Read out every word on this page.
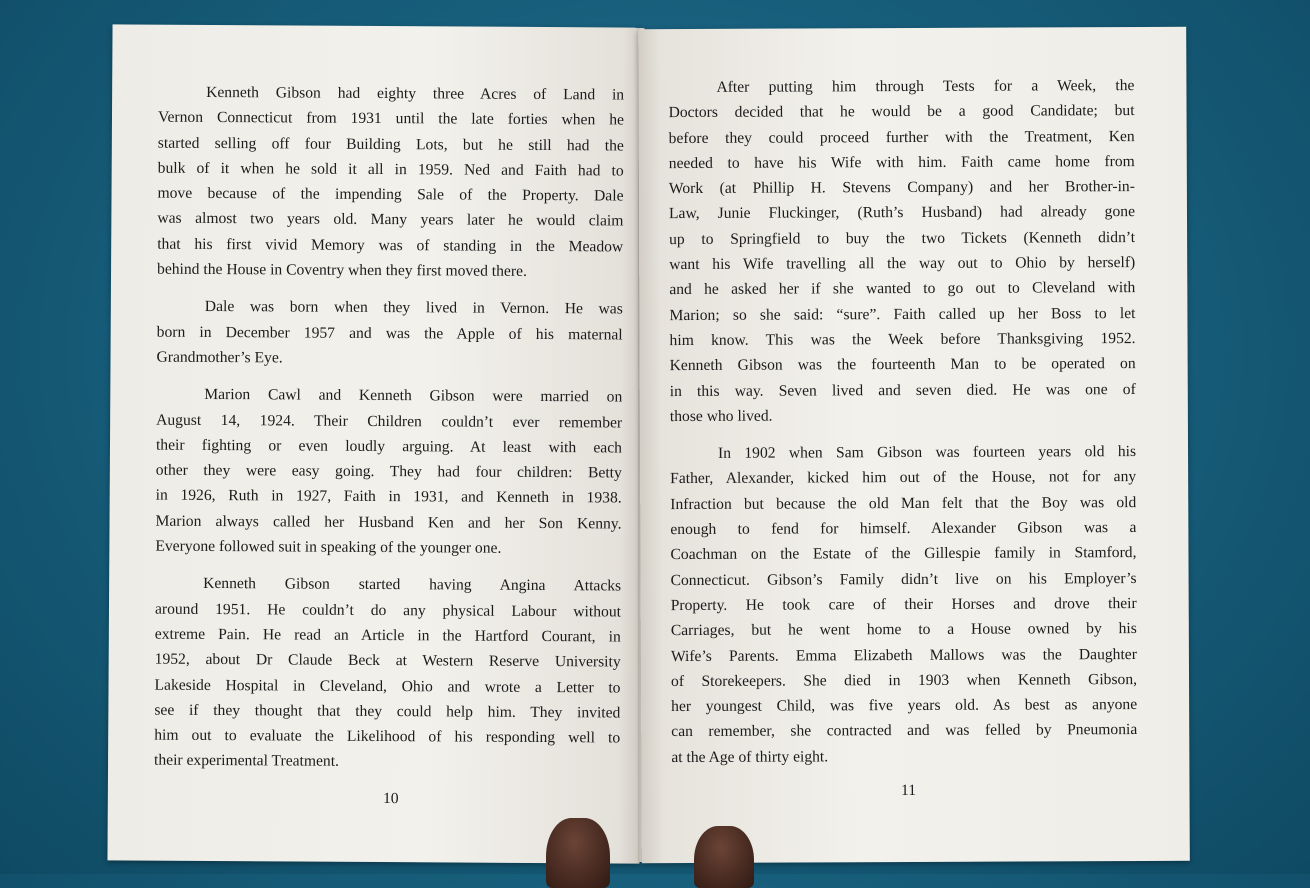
Kenneth Gibson had eighty three Acres of Land in
Vernon Connecticut from 1931 until the late forties when he
started selling off four Building Lots, but he still had the
bulk of it when he sold it all in 1959. Ned and Faith had to
move because of the impending Sale of the Property. Dale
was almost two years old. Many years later he would claim
that his first vivid Memory was of standing in the Meadow
behind the House in Coventry when they first moved there.
Dale was born when they lived in Vernon. He was
born in December 1957 and was the Apple of his maternal
Grandmother’s Eye.
Marion Cawl and Kenneth Gibson were married on
August 14, 1924. Their Children couldn’t ever remember
their fighting or even loudly arguing. At least with each
other they were easy going. They had four children: Betty
in 1926, Ruth in 1927, Faith in 1931, and Kenneth in 1938.
Marion always called her Husband Ken and her Son Kenny.
Everyone followed suit in speaking of the younger one.
Kenneth Gibson started having Angina Attacks
around 1951. He couldn’t do any physical Labour without
extreme Pain. He read an Article in the Hartford Courant, in
1952, about Dr Claude Beck at Western Reserve University
Lakeside Hospital in Cleveland, Ohio and wrote a Letter to
see if they thought that they could help him. They invited
him out to evaluate the Likelihood of his responding well to
their experimental Treatment.
10
After putting him through Tests for a Week, the
Doctors decided that he would be a good Candidate; but
before they could proceed further with the Treatment, Ken
needed to have his Wife with him. Faith came home from
Work (at Phillip H. Stevens Company) and her Brother-in-
Law, Junie Fluckinger, (Ruth’s Husband) had already gone
up to Springfield to buy the two Tickets (Kenneth didn’t
want his Wife travelling all the way out to Ohio by herself)
and he asked her if she wanted to go out to Cleveland with
Marion; so she said: “sure”. Faith called up her Boss to let
him know. This was the Week before Thanksgiving 1952.
Kenneth Gibson was the fourteenth Man to be operated on
in this way. Seven lived and seven died. He was one of
those who lived.
In 1902 when Sam Gibson was fourteen years old his
Father, Alexander, kicked him out of the House, not for any
Infraction but because the old Man felt that the Boy was old
enough to fend for himself. Alexander Gibson was a
Coachman on the Estate of the Gillespie family in Stamford,
Connecticut. Gibson’s Family didn’t live on his Employer’s
Property. He took care of their Horses and drove their
Carriages, but he went home to a House owned by his
Wife’s Parents. Emma Elizabeth Mallows was the Daughter
of Storekeepers. She died in 1903 when Kenneth Gibson,
her youngest Child, was five years old. As best as anyone
can remember, she contracted and was felled by Pneumonia
at the Age of thirty eight.
11
